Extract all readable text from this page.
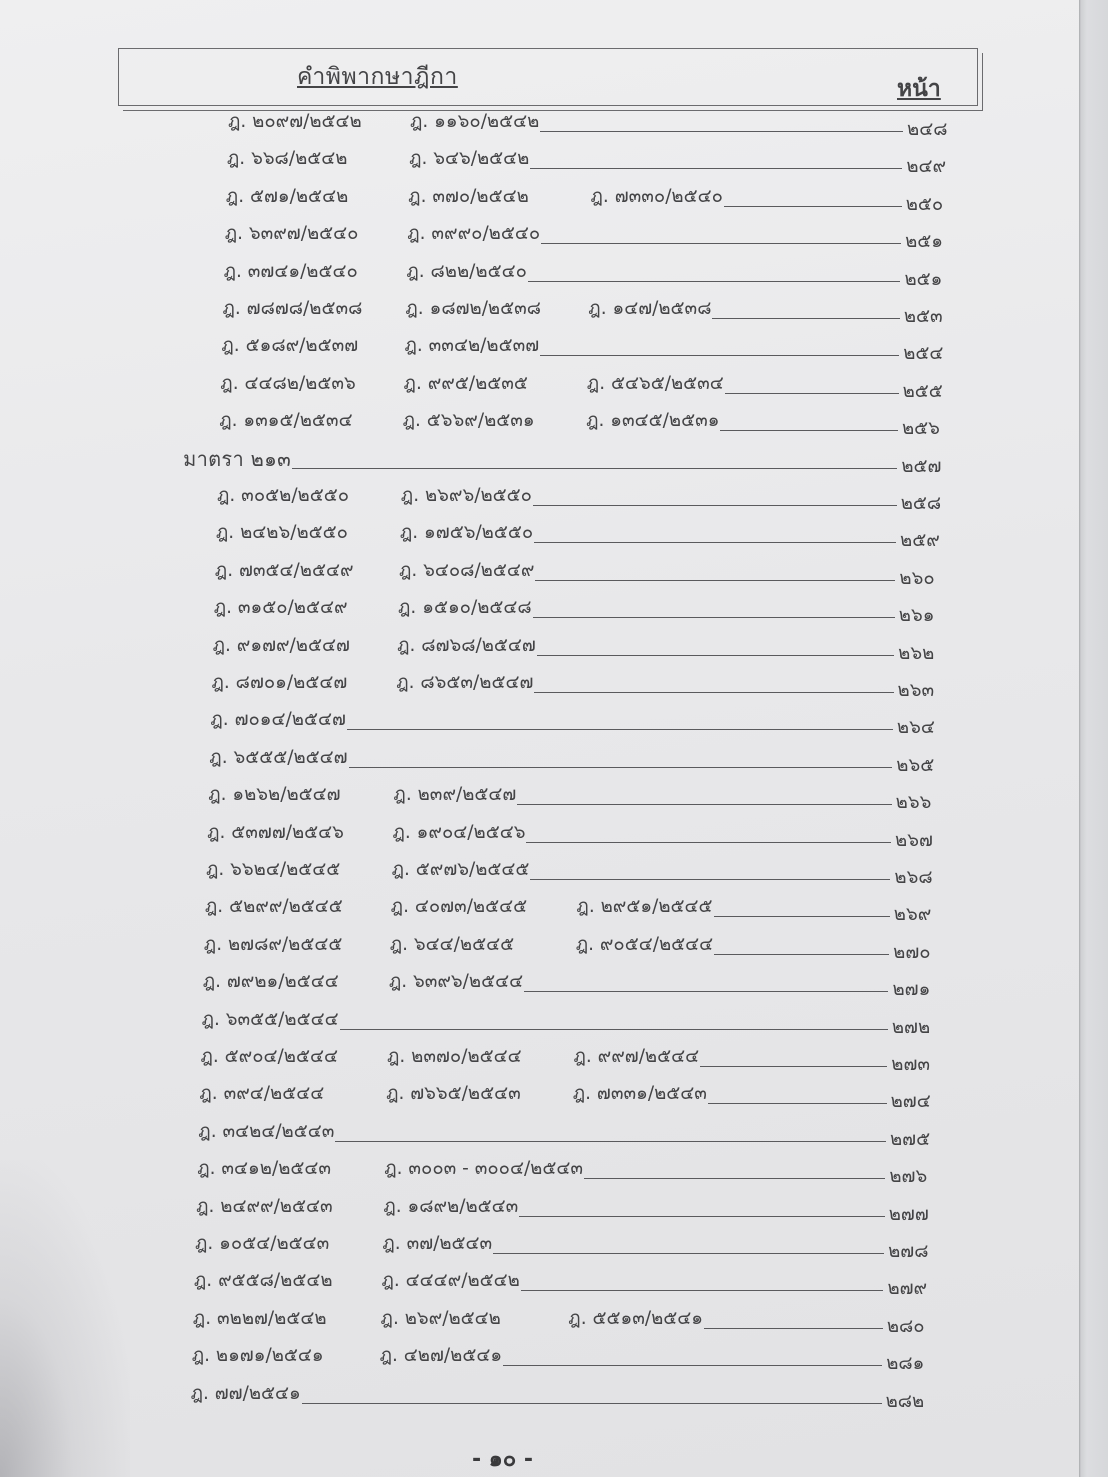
คำพิพากษาฎีกา	หน้า
ฎ. ๒๐๙๗/๒๕๔๒	ฎ. ๑๑๖๐/๒๕๔๒	๒๔๘
ฎ. ๖๖๘/๒๕๔๒	ฎ. ๖๔๖/๒๕๔๒	๒๔๙
ฎ. ๕๗๑/๒๕๔๒	ฎ. ๓๗๐/๒๕๔๒	ฎ. ๗๓๓๐/๒๕๔๐	๒๕๐
ฎ. ๖๓๙๗/๒๕๔๐	ฎ. ๓๙๙๐/๒๕๔๐	๒๕๑
ฎ. ๓๗๔๑/๒๕๔๐	ฎ. ๘๒๒/๒๕๔๐	๒๕๑
ฎ. ๗๘๗๘/๒๕๓๘	ฎ. ๑๘๗๒/๒๕๓๘	ฎ. ๑๔๗/๒๕๓๘	๒๕๓
ฎ. ๕๑๘๙/๒๕๓๗	ฎ. ๓๓๔๒/๒๕๓๗	๒๕๔
ฎ. ๔๔๘๒/๒๕๓๖	ฎ. ๙๙๕/๒๕๓๕	ฎ. ๕๔๖๕/๒๕๓๔	๒๕๕
ฎ. ๑๓๑๕/๒๕๓๔	ฎ. ๕๖๖๙/๒๕๓๑	ฎ. ๑๓๔๕/๒๕๓๑	๒๕๖
มาตรา ๒๑๓	๒๕๗
ฎ. ๓๐๕๒/๒๕๕๐	ฎ. ๒๖๙๖/๒๕๕๐	๒๕๘
ฎ. ๒๔๒๖/๒๕๕๐	ฎ. ๑๗๕๖/๒๕๕๐	๒๕๙
ฎ. ๗๓๕๔/๒๕๔๙	ฎ. ๖๔๐๘/๒๕๔๙	๒๖๐
ฎ. ๓๑๕๐/๒๕๔๙	ฎ. ๑๕๑๐/๒๕๔๘	๒๖๑
ฎ. ๙๑๗๙/๒๕๔๗	ฎ. ๘๗๖๘/๒๕๔๗	๒๖๒
ฎ. ๘๗๐๑/๒๕๔๗	ฎ. ๘๖๕๓/๒๕๔๗	๒๖๓
ฎ. ๗๐๑๔/๒๕๔๗	๒๖๔
ฎ. ๖๕๕๕/๒๕๔๗	๒๖๕
ฎ. ๑๒๖๒/๒๕๔๗	ฎ. ๒๓๙/๒๕๔๗	๒๖๖
ฎ. ๕๓๗๗/๒๕๔๖	ฎ. ๑๙๐๔/๒๕๔๖	๒๖๗
ฎ. ๖๖๒๔/๒๕๔๕	ฎ. ๕๙๗๖/๒๕๔๕	๒๖๘
ฎ. ๕๒๙๙/๒๕๔๕	ฎ. ๔๐๗๓/๒๕๔๕	ฎ. ๒๙๕๑/๒๕๔๕	๒๖๙
ฎ. ๒๗๘๙/๒๕๔๕	ฎ. ๖๔๔/๒๕๔๕	ฎ. ๙๐๕๔/๒๕๔๔	๒๗๐
ฎ. ๗๙๒๑/๒๕๔๔	ฎ. ๖๓๙๖/๒๕๔๔	๒๗๑
ฎ. ๖๓๕๕/๒๕๔๔	๒๗๒
ฎ. ๕๙๐๔/๒๕๔๔	ฎ. ๒๓๗๐/๒๕๔๔	ฎ. ๙๙๗/๒๕๔๔	๒๗๓
ฎ. ๓๙๔/๒๕๔๔	ฎ. ๗๖๖๕/๒๕๔๓	ฎ. ๗๓๓๑/๒๕๔๓	๒๗๔
ฎ. ๓๔๒๔/๒๕๔๓	๒๗๕
ฎ. ๓๔๑๒/๒๕๔๓	ฎ. ๓๐๐๓ - ๓๐๐๔/๒๕๔๓	๒๗๖
ฎ. ๒๔๙๙/๒๕๔๓	ฎ. ๑๘๙๒/๒๕๔๓	๒๗๗
ฎ. ๑๐๕๔/๒๕๔๓	ฎ. ๓๗/๒๕๔๓	๒๗๘
ฎ. ๙๕๕๘/๒๕๔๒	ฎ. ๔๔๔๙/๒๕๔๒	๒๗๙
ฎ. ๓๒๒๗/๒๕๔๒	ฎ. ๒๖๙/๒๕๔๒	ฎ. ๕๕๑๓/๒๕๔๑	๒๘๐
ฎ. ๒๑๗๑/๒๕๔๑	ฎ. ๔๒๗/๒๕๔๑	๒๘๑
ฎ. ๗๗/๒๕๔๑	๒๘๒
- ๑๐ -
